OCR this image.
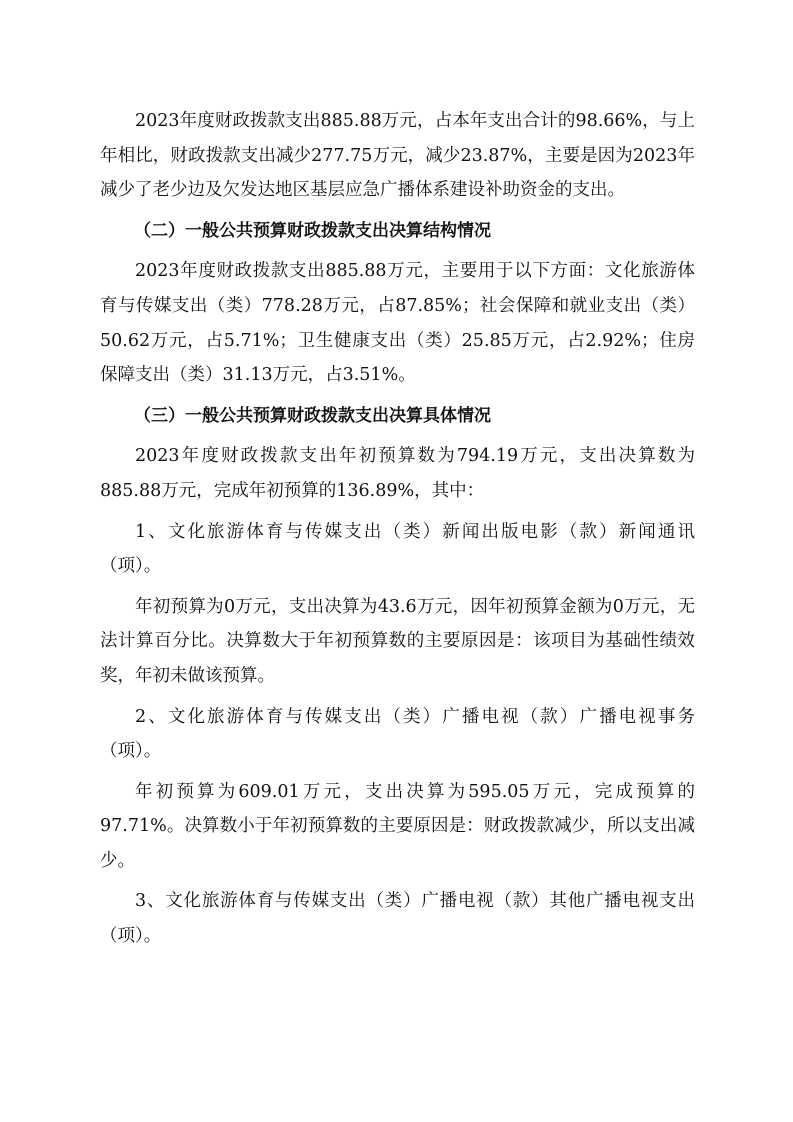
2023年度财政拨款支出885.88万元，占本年支出合计的98.66%，与上年相比，财政拨款支出减少277.75万元，减少23.87%，主要是因为2023年减少了老少边及欠发达地区基层应急广播体系建设补助资金的支出。

（二）一般公共预算财政拨款支出决算结构情况

2023年度财政拨款支出885.88万元，主要用于以下方面：文化旅游体育与传媒支出（类）778.28万元，占87.85%；社会保障和就业支出（类）50.62万元，占5.71%；卫生健康支出（类）25.85万元，占2.92%；住房保障支出（类）31.13万元，占3.51%。

（三）一般公共预算财政拨款支出决算具体情况

2023年度财政拨款支出年初预算数为794.19万元，支出决算数为885.88万元，完成年初预算的136.89%，其中：

1、文化旅游体育与传媒支出（类）新闻出版电影（款）新闻通讯（项）。

年初预算为0万元，支出决算为43.6万元，因年初预算金额为0万元，无法计算百分比。决算数大于年初预算数的主要原因是：该项目为基础性绩效奖，年初未做该预算。

2、文化旅游体育与传媒支出（类）广播电视（款）广播电视事务（项）。

年初预算为609.01万元，支出决算为595.05万元，完成预算的97.71%。决算数小于年初预算数的主要原因是：财政拨款减少，所以支出减少。

3、文化旅游体育与传媒支出（类）广播电视（款）其他广播电视支出（项）。
